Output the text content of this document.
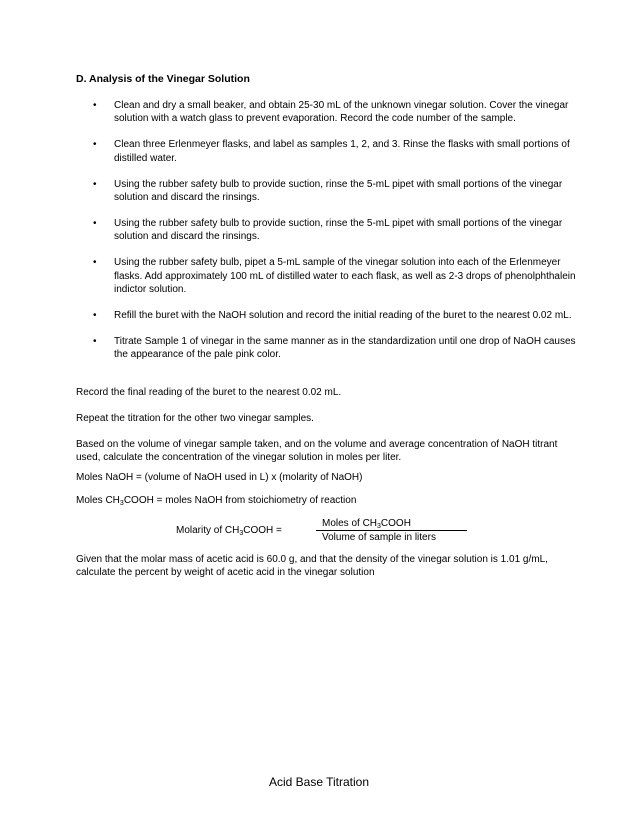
D. Analysis of the Vinegar Solution
• Clean and dry a small beaker, and obtain 25-30 mL of the unknown vinegar solution. Cover the vinegar solution with a watch glass to prevent evaporation. Record the code number of the sample.
• Clean three Erlenmeyer flasks, and label as samples 1, 2, and 3. Rinse the flasks with small portions of distilled water.
• Using the rubber safety bulb to provide suction, rinse the 5-mL pipet with small portions of the vinegar solution and discard the rinsings.
• Using the rubber safety bulb to provide suction, rinse the 5-mL pipet with small portions of the vinegar solution and discard the rinsings.
• Using the rubber safety bulb, pipet a 5-mL sample of the vinegar solution into each of the Erlenmeyer flasks. Add approximately 100 mL of distilled water to each flask, as well as 2-3 drops of phenolphthalein indictor solution.
• Refill the buret with the NaOH solution and record the initial reading of the buret to the nearest 0.02 mL.
• Titrate Sample 1 of vinegar in the same manner as in the standardization until one drop of NaOH causes the appearance of the pale pink color.

Record the final reading of the buret to the nearest 0.02 mL.

Repeat the titration for the other two vinegar samples.

Based on the volume of vinegar sample taken, and on the volume and average concentration of NaOH titrant used, calculate the concentration of the vinegar solution in moles per liter.

Moles NaOH = (volume of NaOH used in L) x (molarity of NaOH)

Moles $CH_3COOH$ = moles NaOH from stoichiometry of reaction

Molarity of $CH_3COOH$ =
Moles of $CH_3COOH$
Volume of sample in liters

Given that the molar mass of acetic acid is 60.0 g, and that the density of the vinegar solution is 1.01 g/mL, calculate the percent by weight of acetic acid in the vinegar solution

Acid Base Titration
